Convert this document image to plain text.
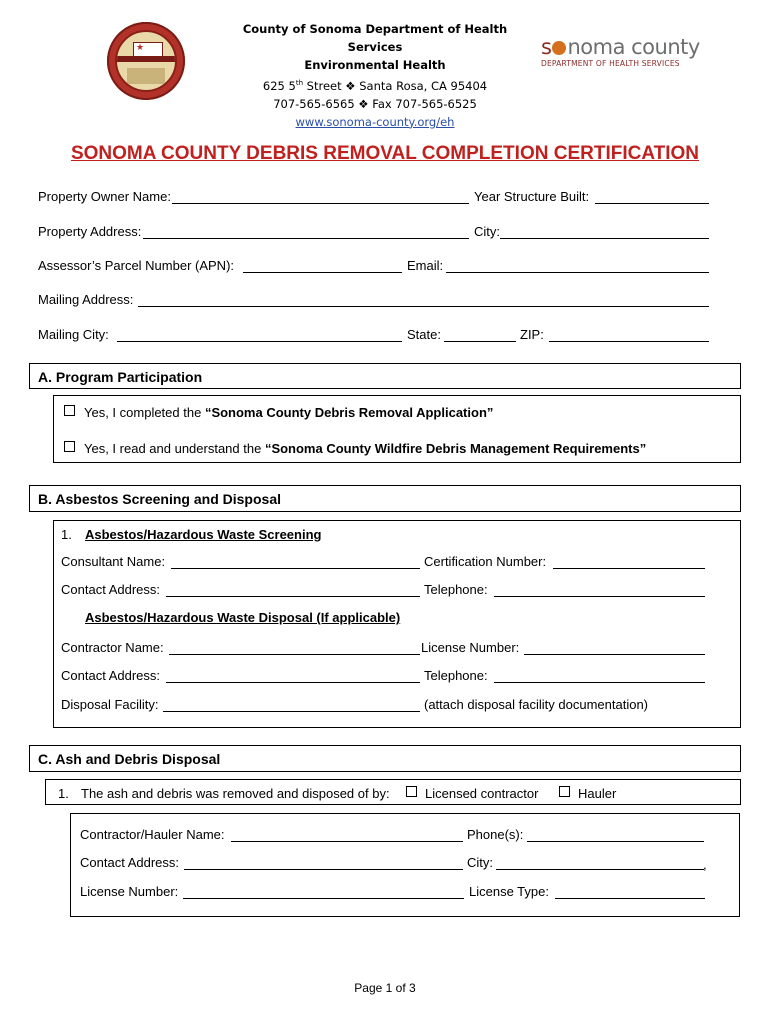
★
County of Sonoma Department of Health Services
Environmental Health
625 5th Street ❖ Santa Rosa, CA 95404
707-565-6565 ❖ Fax 707-565-6525
www.sonoma-county.org/eh
s noma county
DEPARTMENT OF HEALTH SERVICES
SONOMA COUNTY DEBRIS REMOVAL COMPLETION CERTIFICATION
Property Owner Name:	Year Structure Built:
Property Address:	City:
Assessor’s Parcel Number (APN):	Email:
Mailing Address:
Mailing City:	State:	ZIP:
A. Program Participation
Yes, I completed the “Sonoma County Debris Removal Application”
Yes, I read and understand the “Sonoma County Wildfire Debris Management Requirements”
B. Asbestos Screening and Disposal
1. Asbestos/Hazardous Waste Screening
Consultant Name:	Certification Number:
Contact Address:	Telephone:
Asbestos/Hazardous Waste Disposal (If applicable)
Contractor Name:	License Number:
Contact Address:	Telephone:
Disposal Facility:	(attach disposal facility documentation)
C. Ash and Debris Disposal
1. The ash and debris was removed and disposed of by:	Licensed contractor	Hauler
Contractor/Hauler Name:	Phone(s):
Contact Address:	City:	,
License Number:	License Type:
Page 1 of 3
